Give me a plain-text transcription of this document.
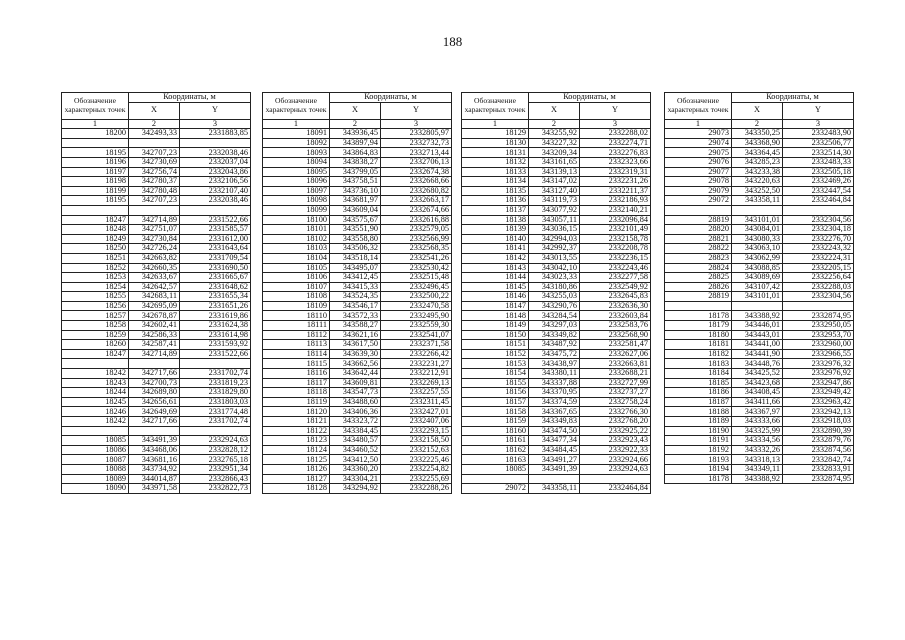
188
Обозначение характерных точек	Координаты, м	
	X	Y
1	2	3
18200	342493,33	2331883,85

18195	342707,23	2332038,46
18196	342730,69	2332037,04
18197	342756,74	2332043,86
18198	342780,37	2332106,56
18199	342780,48	2332107,40
18195	342707,23	2332038,46

18247	342714,89	2331522,66
18248	342751,07	2331585,57
18249	342730,84	2331612,00
18250	342726,24	2331643,64
18251	342663,82	2331709,54
18252	342660,35	2331690,50
18253	342633,67	2331665,67
18254	342642,57	2331648,62
18255	342683,11	2331655,34
18256	342695,09	2331651,26
18257	342678,87	2331619,86
18258	342602,41	2331624,38
18259	342586,33	2331614,98
18260	342587,41	2331593,92
18247	342714,89	2331522,66

18242	342717,66	2331702,74
18243	342700,73	2331819,23
18244	342689,80	2331829,80
18245	342656,61	2331803,03
18246	342649,69	2331774,48
18242	342717,66	2331702,74

18085	343491,39	2332924,63
18086	343468,06	2332828,12
18087	343681,16	2332765,18
18088	343734,92	2332951,34
18089	344014,87	2332866,43
18090	343971,58	2332822,73
Обозначение характерных точек	Координаты, м	
	X	Y
1	2	3
18091	343936,45	2332805,97
18092	343897,94	2332732,73
18093	343864,83	2332713,44
18094	343838,27	2332706,13
18095	343799,05	2332674,38
18096	343758,51	2332668,66
18097	343736,10	2332680,82
18098	343681,97	2332663,17
18099	343609,04	2332674,66
18100	343575,67	2332616,88
18101	343551,90	2332579,05
18102	343558,80	2332566,99
18103	343506,32	2332568,35
18104	343518,14	2332541,26
18105	343495,07	2332530,42
18106	343412,45	2332515,48
18107	343415,33	2332496,45
18108	343524,35	2332500,22
18109	343546,17	2332470,58
18110	343572,33	2332495,90
18111	343588,27	2332559,30
18112	343621,16	2332541,07
18113	343617,50	2332371,58
18114	343639,30	2332266,42
18115	343662,56	2332231,27
18116	343642,44	2332212,91
18117	343609,81	2332269,13
18118	343547,73	2332257,55
18119	343488,60	2332311,45
18120	343406,36	2332427,01
18121	343323,72	2332407,06
18122	343384,45	2332293,15
18123	343480,57	2332158,50
18124	343460,52	2332152,63
18125	343412,50	2332225,46
18126	343360,20	2332254,82
18127	343304,21	2332255,69
18128	343294,92	2332288,26
Обозначение характерных точек	Координаты, м	
	X	Y
1	2	3
18129	343255,92	2332288,02
18130	343227,32	2332274,71
18131	343209,34	2332276,83
18132	343161,65	2332323,66
18133	343139,13	2332319,31
18134	343147,02	2332231,26
18135	343127,40	2332211,37
18136	343119,73	2332186,93
18137	343077,92	2332140,21
18138	343057,11	2332096,84
18139	343036,15	2332101,49
18140	342994,03	2332158,78
18141	342992,37	2332208,78
18142	343013,55	2332236,15
18143	343042,10	2332243,46
18144	343023,33	2332277,58
18145	343180,86	2332549,92
18146	343255,03	2332645,83
18147	343290,76	2332636,30
18148	343284,54	2332603,84
18149	343297,03	2332583,76
18150	343349,82	2332568,90
18151	343487,92	2332581,47
18152	343475,72	2332627,06
18153	343438,97	2332663,81
18154	343380,11	2332688,21
18155	343337,88	2332727,99
18156	343370,95	2332737,27
18157	343374,59	2332758,24
18158	343367,65	2332766,30
18159	343349,83	2332768,20
18160	343474,50	2332925,22
18161	343477,34	2332923,43
18162	343484,45	2332922,33
18163	343491,27	2332924,66
18085	343491,39	2332924,63

29072	343358,11	2332464,84
Обозначение характерных точек	Координаты, м	
	X	Y
1	2	3
29073	343350,25	2332483,90
29074	343368,90	2332506,77
29075	343364,45	2332514,30
29076	343285,23	2332483,33
29077	343233,38	2332505,18
29078	343220,63	2332469,26
29079	343252,50	2332447,54
29072	343358,11	2332464,84

28819	343101,01	2332304,56
28820	343084,01	2332304,18
28821	343080,33	2332276,70
28822	343063,10	2332243,32
28823	343062,99	2332224,31
28824	343088,85	2332205,15
28825	343089,69	2332256,64
28826	343107,42	2332288,03
28819	343101,01	2332304,56

18178	343388,92	2332874,95
18179	343446,01	2332950,05
18180	343443,01	2332953,70
18181	343441,00	2332960,00
18182	343441,90	2332966,55
18183	343448,76	2332976,32
18184	343425,52	2332976,92
18185	343423,68	2332947,86
18186	343408,45	2332949,42
18187	343411,66	2332963,42
18188	343367,97	2332942,13
18189	343333,66	2332918,03
18190	343325,99	2332890,39
18191	343334,56	2332879,76
18192	343332,26	2332874,56
18193	343318,13	2332842,74
18194	343349,11	2332833,91
18178	343388,92	2332874,95
